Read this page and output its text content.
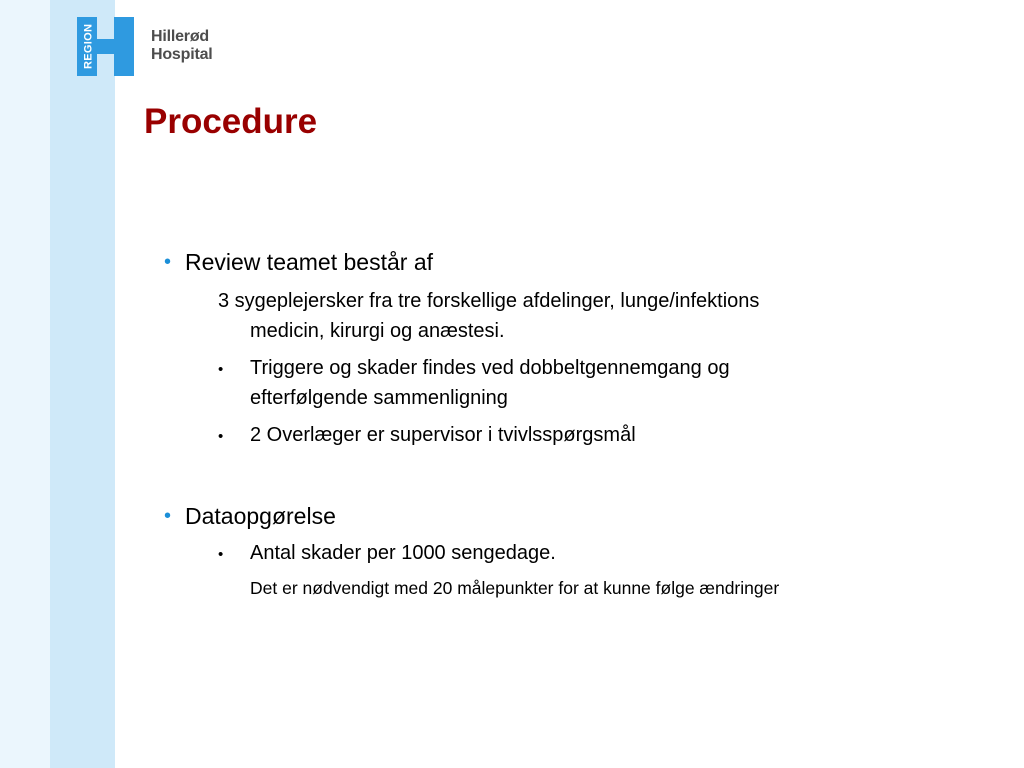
REGION	Hillerød
Hospital
Procedure
• Review teamet består af
3 sygeplejersker fra tre forskellige afdelinger, lunge/infektions
medicin, kirurgi og anæstesi.
• Triggere og skader findes ved dobbeltgennemgang og
efterfølgende sammenligning
• 2 Overlæger er supervisor i tvivlsspørgsmål
• Dataopgørelse
• Antal skader per 1000 sengedage.
Det er nødvendigt med 20 målepunkter for at kunne følge ændringer
